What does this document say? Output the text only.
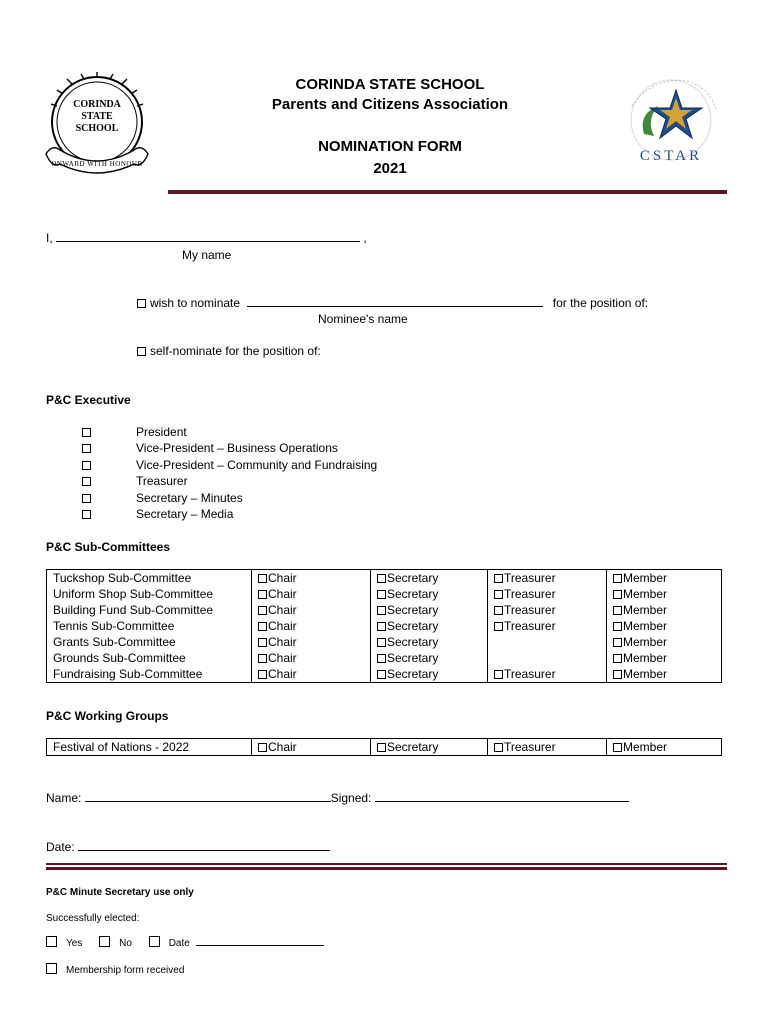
CORINDA
STATE
SCHOOL
ONWARD WITH HONOUR
CORINDA STATE SCHOOL
Parents and Citizens Association
NOMINATION FORM
2021
CSTAR
I,	,
My name
wish to nominate	for the position of:
Nominee's name
self-nominate for the position of:
P&C Executive
President
Vice-President – Business Operations
Vice-President – Community and Fundraising
Treasurer
Secretary – Minutes
Secretary – Media
P&C Sub-Committees
Tuckshop Sub-Committee	Chair	Secretary	Treasurer	Member
Uniform Shop Sub-Committee	Chair	Secretary	Treasurer	Member
Building Fund Sub-Committee	Chair	Secretary	Treasurer	Member
Tennis Sub-Committee	Chair	Secretary	Treasurer	Member
Grants Sub-Committee	Chair	Secretary		Member
Grounds Sub-Committee	Chair	Secretary		Member
Fundraising Sub-Committee	Chair	Secretary	Treasurer	Member
P&C Working Groups
Festival of Nations - 2022	Chair	Secretary	Treasurer	Member
Name:	Signed:
Date:
P&C Minute Secretary use only
Successfully elected:
Yes	No	Date
Membership form received
